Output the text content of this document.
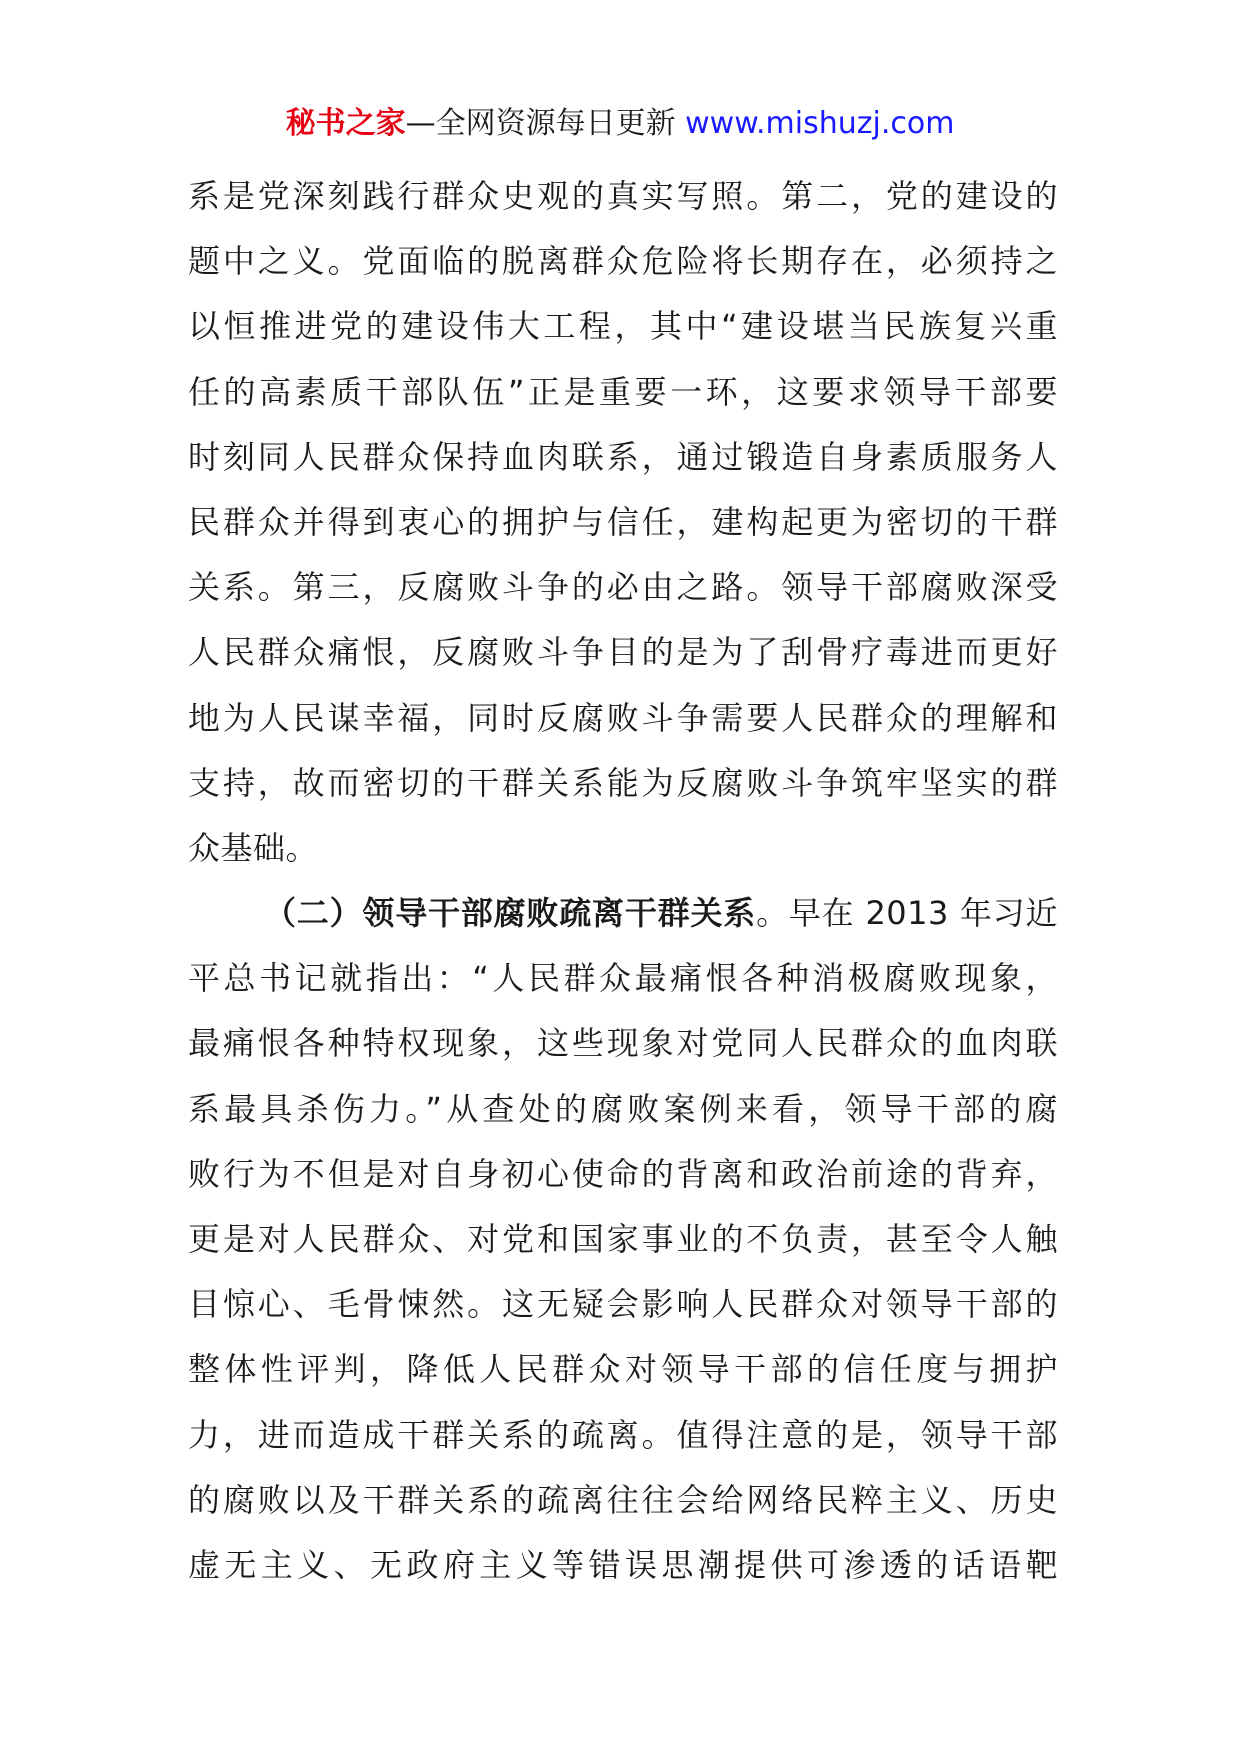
秘书之家—全网资源每日更新 www.mishuzj.com
系是党深刻践行群众史观的真实写照。第二，党的建设的
题中之义。党面临的脱离群众危险将长期存在，必须持之
以恒推进党的建设伟大工程，其中“建设堪当民族复兴重
任的高素质干部队伍”正是重要一环，这要求领导干部要
时刻同人民群众保持血肉联系，通过锻造自身素质服务人
民群众并得到衷心的拥护与信任，建构起更为密切的干群
关系。第三，反腐败斗争的必由之路。领导干部腐败深受
人民群众痛恨，反腐败斗争目的是为了刮骨疗毒进而更好
地为人民谋幸福，同时反腐败斗争需要人民群众的理解和
支持，故而密切的干群关系能为反腐败斗争筑牢坚实的群
众基础。
（二）领导干部腐败疏离干群关系。早在 2013 年习近
平总书记就指出：“人民群众最痛恨各种消极腐败现象，
最痛恨各种特权现象，这些现象对党同人民群众的血肉联
系最具杀伤力。”从查处的腐败案例来看，领导干部的腐
败行为不但是对自身初心使命的背离和政治前途的背弃，
更是对人民群众、对党和国家事业的不负责，甚至令人触
目惊心、毛骨悚然。这无疑会影响人民群众对领导干部的
整体性评判，降低人民群众对领导干部的信任度与拥护
力，进而造成干群关系的疏离。值得注意的是，领导干部
的腐败以及干群关系的疏离往往会给网络民粹主义、历史
虚无主义、无政府主义等错误思潮提供可渗透的话语靶
